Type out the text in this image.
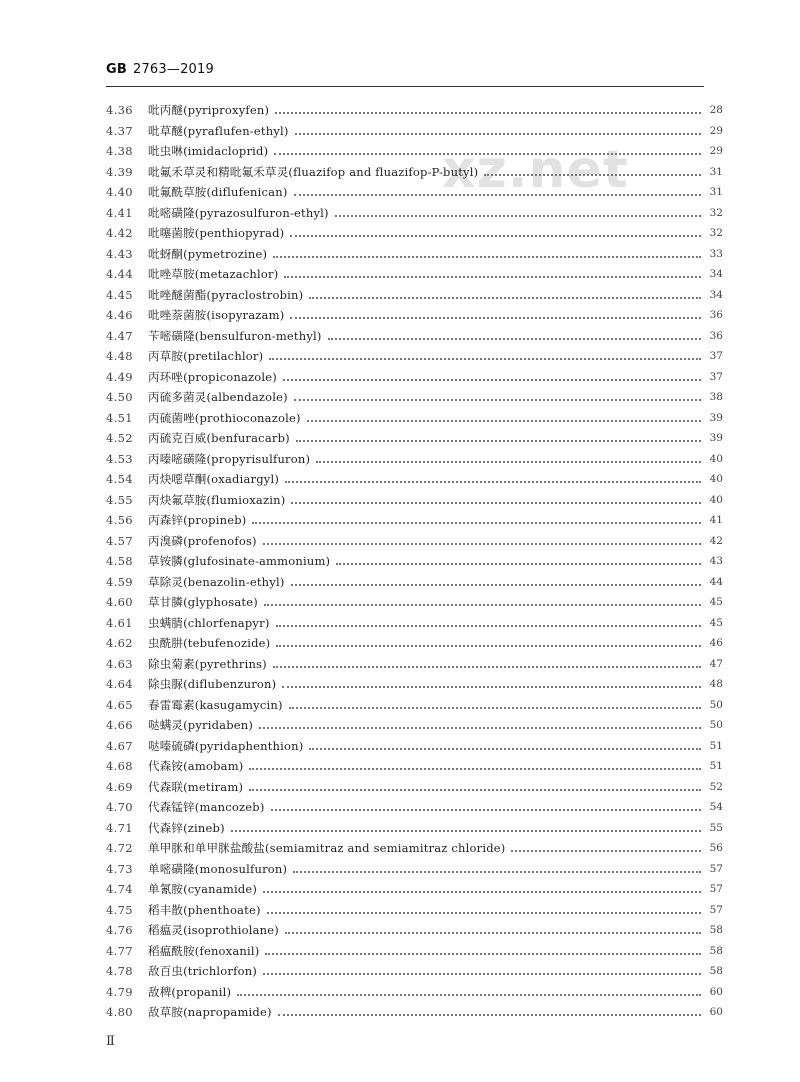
GB 2763—2019
xz.net
4.36	吡丙醚(pyriproxyfen)	28
4.37	吡草醚(pyraflufen-ethyl)	29
4.38	吡虫啉(imidacloprid)	29
4.39	吡氟禾草灵和精吡氟禾草灵(fluazifop and fluazifop-P-butyl)	31
4.40	吡氟酰草胺(diflufenican)	31
4.41	吡嘧磺隆(pyrazosulfuron-ethyl)	32
4.42	吡噻菌胺(penthiopyrad)	32
4.43	吡蚜酮(pymetrozine)	33
4.44	吡唑草胺(metazachlor)	34
4.45	吡唑醚菌酯(pyraclostrobin)	34
4.46	吡唑萘菌胺(isopyrazam)	36
4.47	苄嘧磺隆(bensulfuron-methyl)	36
4.48	丙草胺(pretilachlor)	37
4.49	丙环唑(propiconazole)	37
4.50	丙硫多菌灵(albendazole)	38
4.51	丙硫菌唑(prothioconazole)	39
4.52	丙硫克百威(benfuracarb)	39
4.53	丙嗪嘧磺隆(propyrisulfuron)	40
4.54	丙炔噁草酮(oxadiargyl)	40
4.55	丙炔氟草胺(flumioxazin)	40
4.56	丙森锌(propineb)	41
4.57	丙溴磷(profenofos)	42
4.58	草铵膦(glufosinate-ammonium)	43
4.59	草除灵(benazolin-ethyl)	44
4.60	草甘膦(glyphosate)	45
4.61	虫螨腈(chlorfenapyr)	45
4.62	虫酰肼(tebufenozide)	46
4.63	除虫菊素(pyrethrins)	47
4.64	除虫脲(diflubenzuron)	48
4.65	春雷霉素(kasugamycin)	50
4.66	哒螨灵(pyridaben)	50
4.67	哒嗪硫磷(pyridaphenthion)	51
4.68	代森铵(amobam)	51
4.69	代森联(metiram)	52
4.70	代森锰锌(mancozeb)	54
4.71	代森锌(zineb)	55
4.72	单甲脒和单甲脒盐酸盐(semiamitraz and semiamitraz chloride)	56
4.73	单嘧磺隆(monosulfuron)	57
4.74	单氰胺(cyanamide)	57
4.75	稻丰散(phenthoate)	57
4.76	稻瘟灵(isoprothiolane)	58
4.77	稻瘟酰胺(fenoxanil)	58
4.78	敌百虫(trichlorfon)	58
4.79	敌稗(propanil)	60
4.80	敌草胺(napropamide)	60
Ⅱ
